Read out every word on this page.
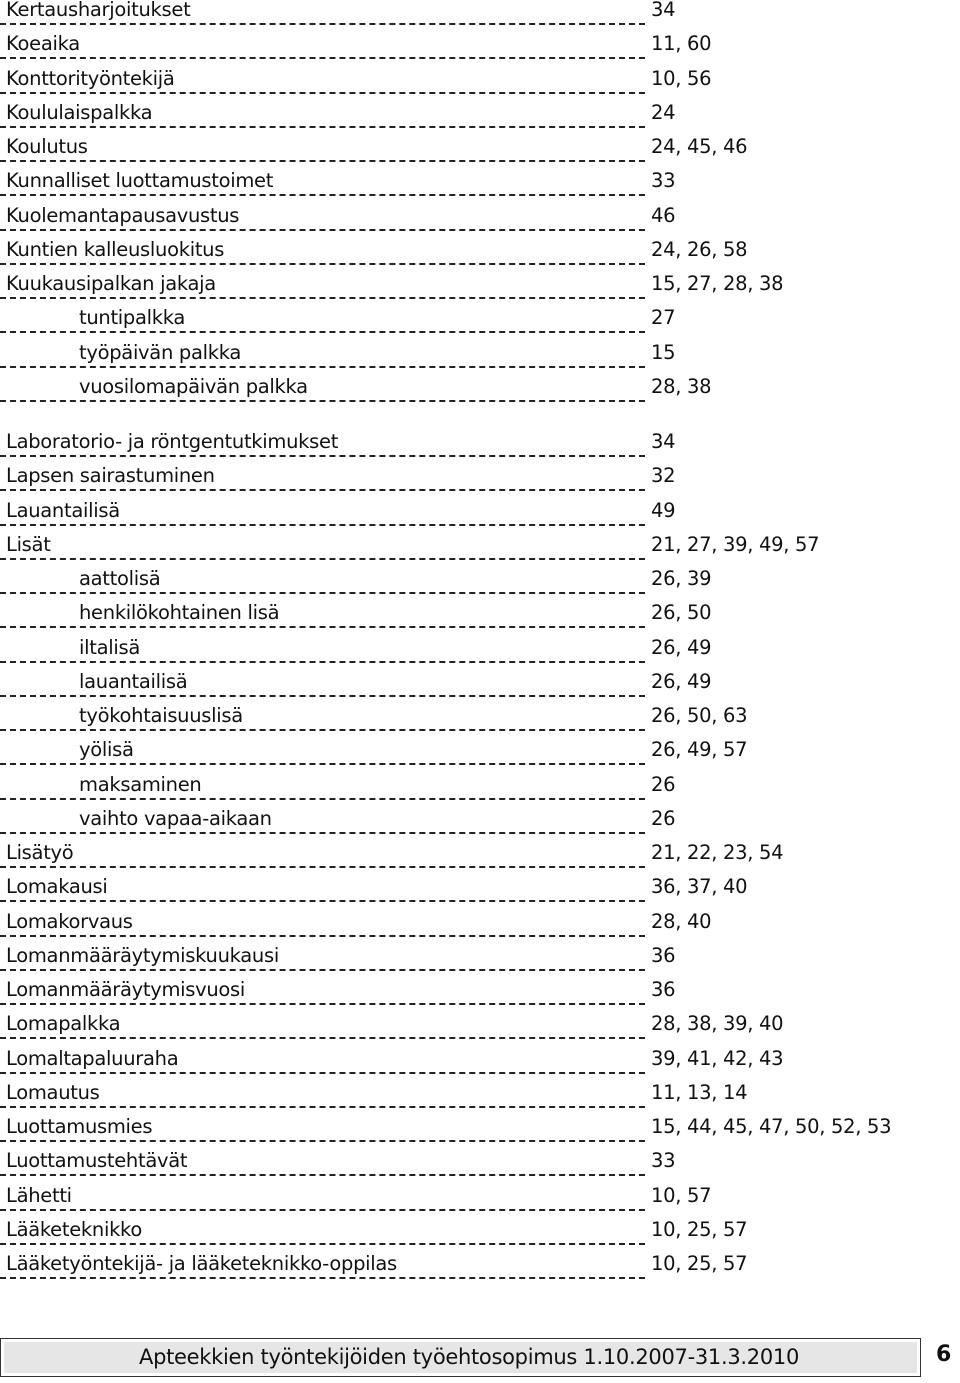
Kertausharjoitukset	34
Koeaika	11, 60
Konttorityöntekijä	10, 56
Koululaispalkka	24
Koulutus	24, 45, 46
Kunnalliset luottamustoimet	33
Kuolemantapausavustus	46
Kuntien kalleusluokitus	24, 26, 58
Kuukausipalkan jakaja	15, 27, 28, 38
tuntipalkka	27
työpäivän palkka	15
vuosilomapäivän palkka	28, 38
Laboratorio- ja röntgentutkimukset	34
Lapsen sairastuminen	32
Lauantailisä	49
Lisät	21, 27, 39, 49, 57
aattolisä	26, 39
henkilökohtainen lisä	26, 50
iltalisä	26, 49
lauantailisä	26, 49
työkohtaisuuslisä	26, 50, 63
yölisä	26, 49, 57
maksaminen	26
vaihto vapaa-aikaan	26
Lisätyö	21, 22, 23, 54
Lomakausi	36, 37, 40
Lomakorvaus	28, 40
Lomanmääräytymiskuukausi	36
Lomanmääräytymisvuosi	36
Lomapalkka	28, 38, 39, 40
Lomaltapaluuraha	39, 41, 42, 43
Lomautus	11, 13, 14
Luottamusmies	15, 44, 45, 47, 50, 52, 53
Luottamustehtävät	33
Lähetti	10, 57
Lääketeknikko	10, 25, 57
Lääketyöntekijä- ja lääketeknikko-oppilas	10, 25, 57
Apteekkien työntekijöiden työehtosopimus 1.10.2007-31.3.2010	6
